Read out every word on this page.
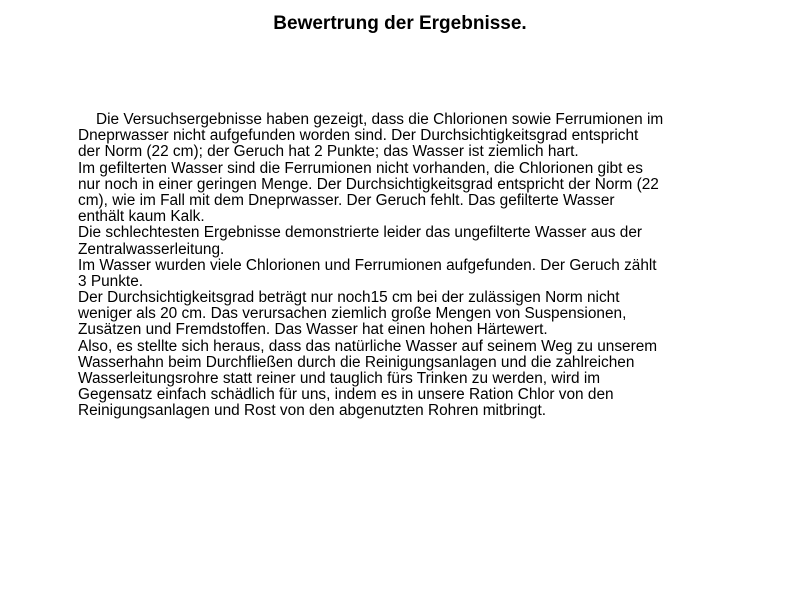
Bewertrung der Ergebnisse.
Die Versuchsergebnisse haben gezeigt, dass die Chlorionen sowie Ferrumionen im
Dneprwasser nicht aufgefunden worden sind. Der Durchsichtigkeitsgrad entspricht
der Norm (22 cm); der Geruch hat 2 Punkte; das Wasser ist ziemlich hart.
Im gefilterten Wasser sind die Ferrumionen nicht vorhanden, die Chlorionen gibt es
nur noch in einer geringen Menge. Der Durchsichtigkeitsgrad entspricht der Norm (22
cm), wie im Fall mit dem Dneprwasser. Der Geruch fehlt. Das gefilterte Wasser
enthält kaum Kalk.
Die schlechtesten Ergebnisse demonstrierte leider das ungefilterte Wasser aus der
Zentralwasserleitung.
Im Wasser wurden viele Chlorionen und Ferrumionen aufgefunden. Der Geruch zählt
3 Punkte.
Der Durchsichtigkeitsgrad beträgt nur noch15 cm bei der zulässigen Norm nicht
weniger als 20 cm. Das verursachen ziemlich große Mengen von Suspensionen,
Zusätzen und Fremdstoffen. Das Wasser hat einen hohen Härtewert.
Also, es stellte sich heraus, dass das natürliche Wasser auf seinem Weg zu unserem
Wasserhahn beim Durchfließen durch die Reinigungsanlagen und die zahlreichen
Wasserleitungsrohre statt reiner und tauglich fürs Trinken zu werden, wird im
Gegensatz einfach schädlich für uns, indem es in unsere Ration Chlor von den
Reinigungsanlagen und Rost von den abgenutzten Rohren mitbringt.
